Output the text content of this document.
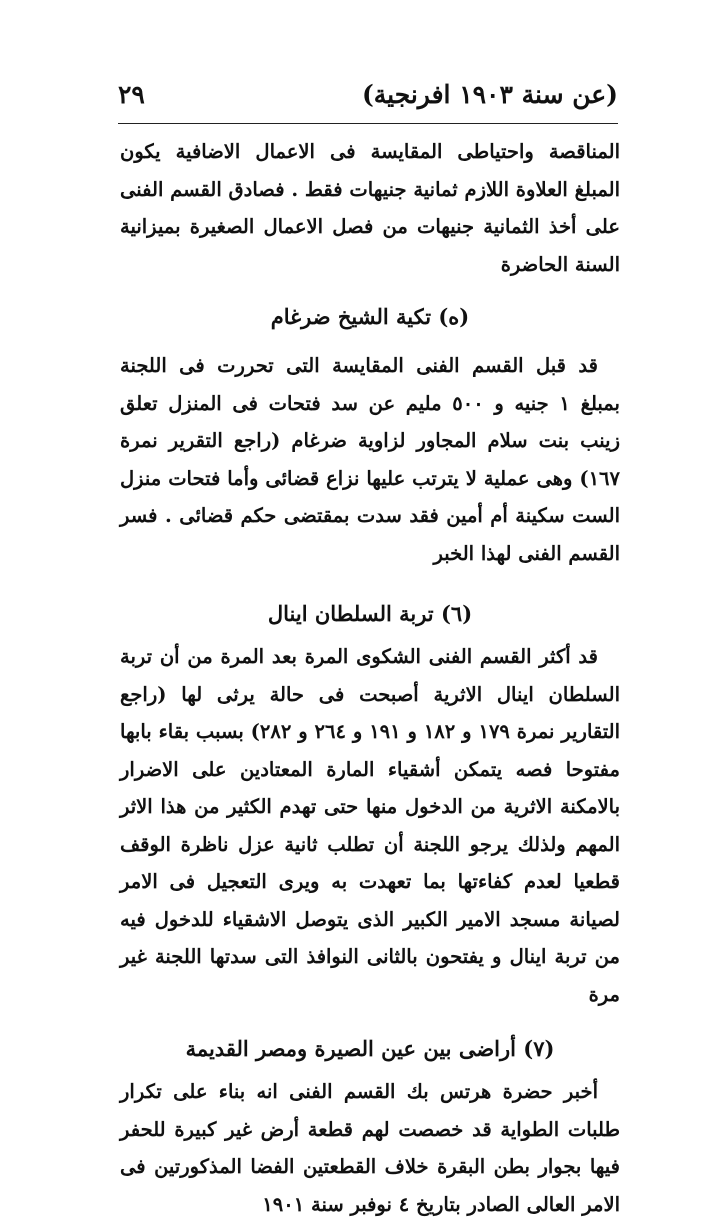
(عن سنة ١٩٠٣ افرنجية)
٢٩

المناقصة واحتياطى المقايسة فى الاعمال الاضافية يكون المبلغ العلاوة اللازم ثمانية جنيهات فقط . فصادق القسم الفنى على أخذ الثمانية جنيهات من فصل الاعمال الصغيرة بميزانية السنة الحاضرة

(ه) تكية الشيخ ضرغام

قد قبل القسم الفنى المقايسة التى تحررت فى اللجنة بمبلغ ١ جنيه و ٥٠٠ مليم عن سد فتحات فى المنزل تعلق زينب بنت سلام المجاور لزاوية ضرغام (راجع التقرير نمرة ١٦٧) وهى عملية لا يترتب عليها نزاع قضائى وأما فتحات منزل الست سكينة أم أمين فقد سدت بمقتضى حكم قضائى . فسر القسم الفنى لهذا الخبر

(٦) تربة السلطان اينال

قد أكثر القسم الفنى الشكوى المرة بعد المرة من أن تربة السلطان اينال الاثرية أصبحت فى حالة يرثى لها (راجع التقارير نمرة ١٧٩ و ١٨٢ و ١٩١ و ٢٦٤ و ٢٨٢) بسبب بقاء بابها مفتوحا فصه يتمكن أشقياء المارة المعتادين على الاضرار بالامكنة الاثرية من الدخول منها حتى تهدم الكثير من هذا الاثر المهم ولذلك يرجو اللجنة أن تطلب ثانية عزل ناظرة الوقف قطعيا لعدم كفاءتها بما تعهدت به ويرى التعجيل فى الامر لصيانة مسجد الامير الكبير الذى يتوصل الاشقياء للدخول فيه من تربة اينال و يفتحون بالثانى النوافذ التى سدتها اللجنة غير مرة

(٧) أراضى بين عين الصيرة ومصر القديمة

أخبر حضرة هرتس بك القسم الفنى انه بناء على تكرار طلبات الطواية قد خصصت لهم قطعة أرض غير كبيرة للحفر فيها بجوار بطن البقرة خلاف القطعتين الفضا المذكورتين فى الامر العالى الصادر بتاريخ ٤ نوفبر سنة ١٩٠١
